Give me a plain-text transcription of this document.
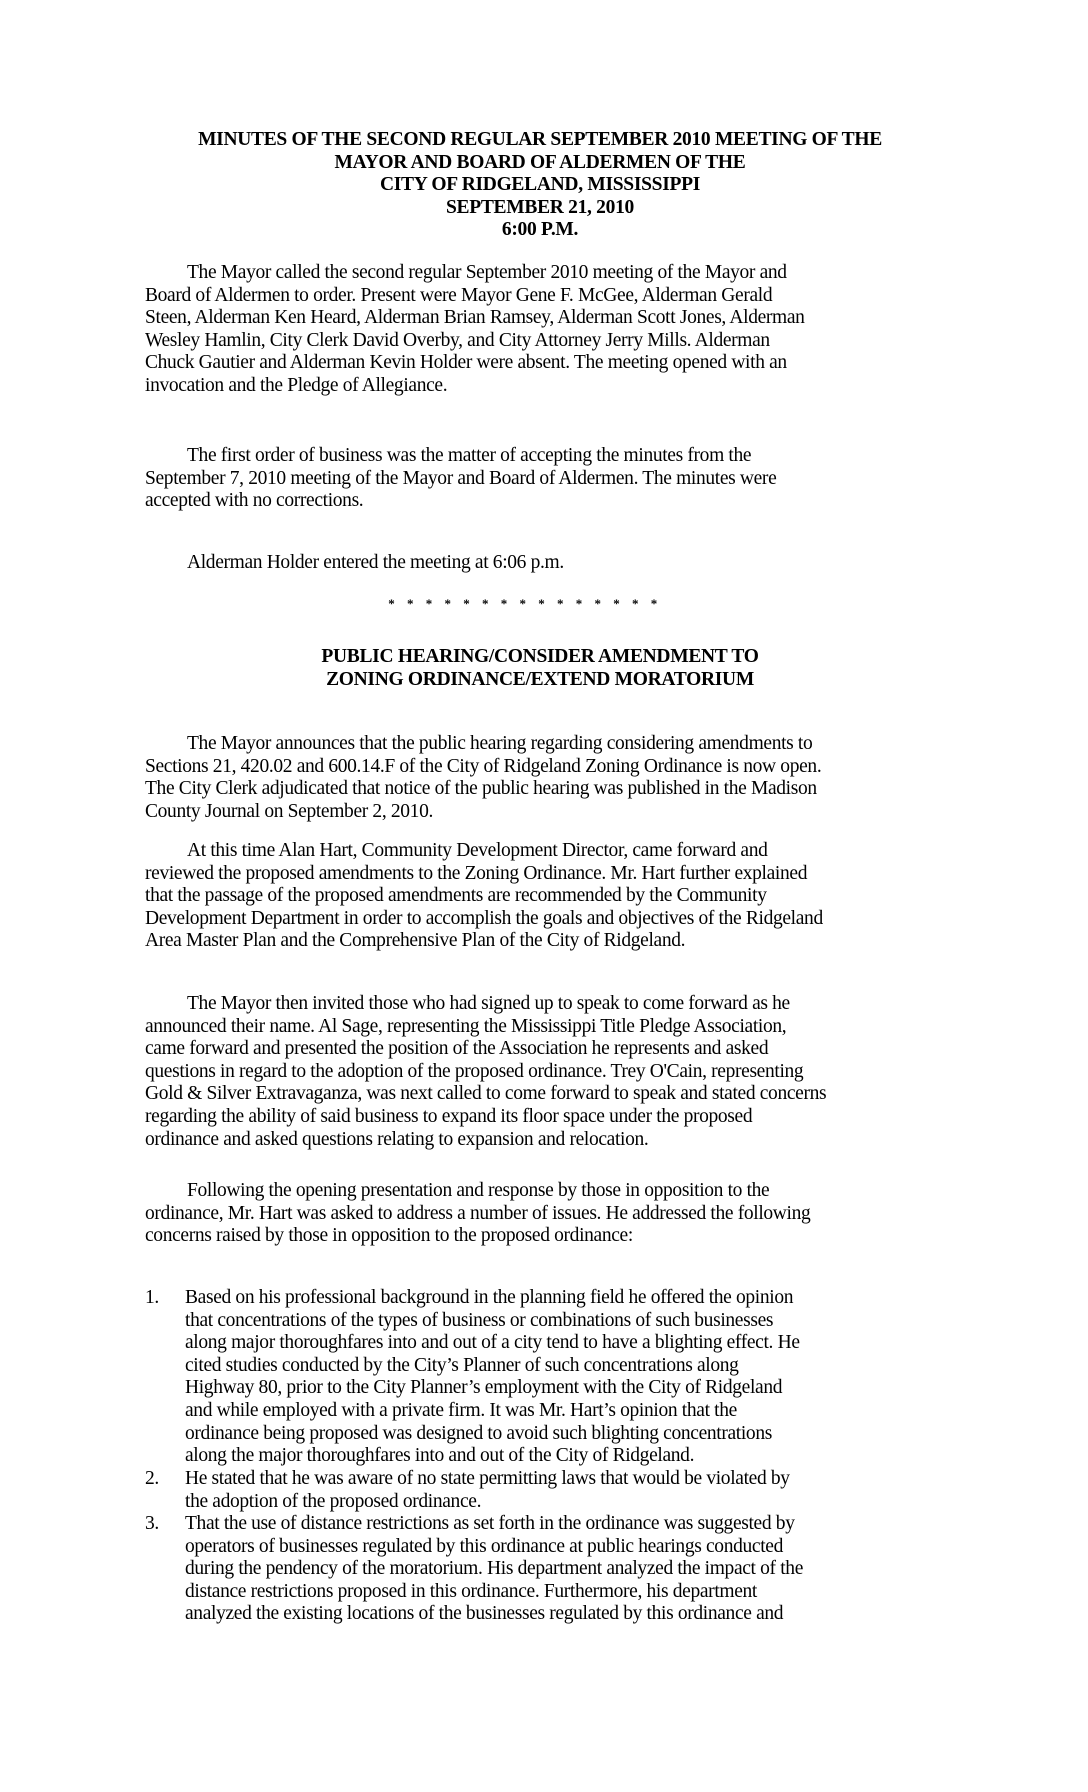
MINUTES OF THE SECOND REGULAR SEPTEMBER 2010 MEETING OF THE
MAYOR AND BOARD OF ALDERMEN OF THE
CITY OF RIDGELAND, MISSISSIPPI
SEPTEMBER 21, 2010
6:00 P.M.
The Mayor called the second regular September 2010 meeting of the Mayor and
Board of Aldermen to order. Present were Mayor Gene F. McGee, Alderman Gerald
Steen, Alderman Ken Heard, Alderman Brian Ramsey, Alderman Scott Jones, Alderman
Wesley Hamlin, City Clerk David Overby, and City Attorney Jerry Mills. Alderman
Chuck Gautier and Alderman Kevin Holder were absent. The meeting opened with an
invocation and the Pledge of Allegiance.
The first order of business was the matter of accepting the minutes from the
September 7, 2010 meeting of the Mayor and Board of Aldermen. The minutes were
accepted with no corrections.
Alderman Holder entered the meeting at 6:06 p.m.
* * * * * * * * * * * * * * *
PUBLIC HEARING/CONSIDER AMENDMENT TO
ZONING ORDINANCE/EXTEND MORATORIUM
The Mayor announces that the public hearing regarding considering amendments to
Sections 21, 420.02 and 600.14.F of the City of Ridgeland Zoning Ordinance is now open.
The City Clerk adjudicated that notice of the public hearing was published in the Madison
County Journal on September 2, 2010.
At this time Alan Hart, Community Development Director, came forward and
reviewed the proposed amendments to the Zoning Ordinance. Mr. Hart further explained
that the passage of the proposed amendments are recommended by the Community
Development Department in order to accomplish the goals and objectives of the Ridgeland
Area Master Plan and the Comprehensive Plan of the City of Ridgeland.
The Mayor then invited those who had signed up to speak to come forward as he
announced their name. Al Sage, representing the Mississippi Title Pledge Association,
came forward and presented the position of the Association he represents and asked
questions in regard to the adoption of the proposed ordinance. Trey O'Cain, representing
Gold & Silver Extravaganza, was next called to come forward to speak and stated concerns
regarding the ability of said business to expand its floor space under the proposed
ordinance and asked questions relating to expansion and relocation.
Following the opening presentation and response by those in opposition to the
ordinance, Mr. Hart was asked to address a number of issues. He addressed the following
concerns raised by those in opposition to the proposed ordinance:
1.	Based on his professional background in the planning field he offered the opinion
that concentrations of the types of business or combinations of such businesses
along major thoroughfares into and out of a city tend to have a blighting effect. He
cited studies conducted by the City’s Planner of such concentrations along
Highway 80, prior to the City Planner’s employment with the City of Ridgeland
and while employed with a private firm. It was Mr. Hart’s opinion that the
ordinance being proposed was designed to avoid such blighting concentrations
along the major thoroughfares into and out of the City of Ridgeland.
2.	He stated that he was aware of no state permitting laws that would be violated by
the adoption of the proposed ordinance.
3.	That the use of distance restrictions as set forth in the ordinance was suggested by
operators of businesses regulated by this ordinance at public hearings conducted
during the pendency of the moratorium. His department analyzed the impact of the
distance restrictions proposed in this ordinance. Furthermore, his department
analyzed the existing locations of the businesses regulated by this ordinance and
